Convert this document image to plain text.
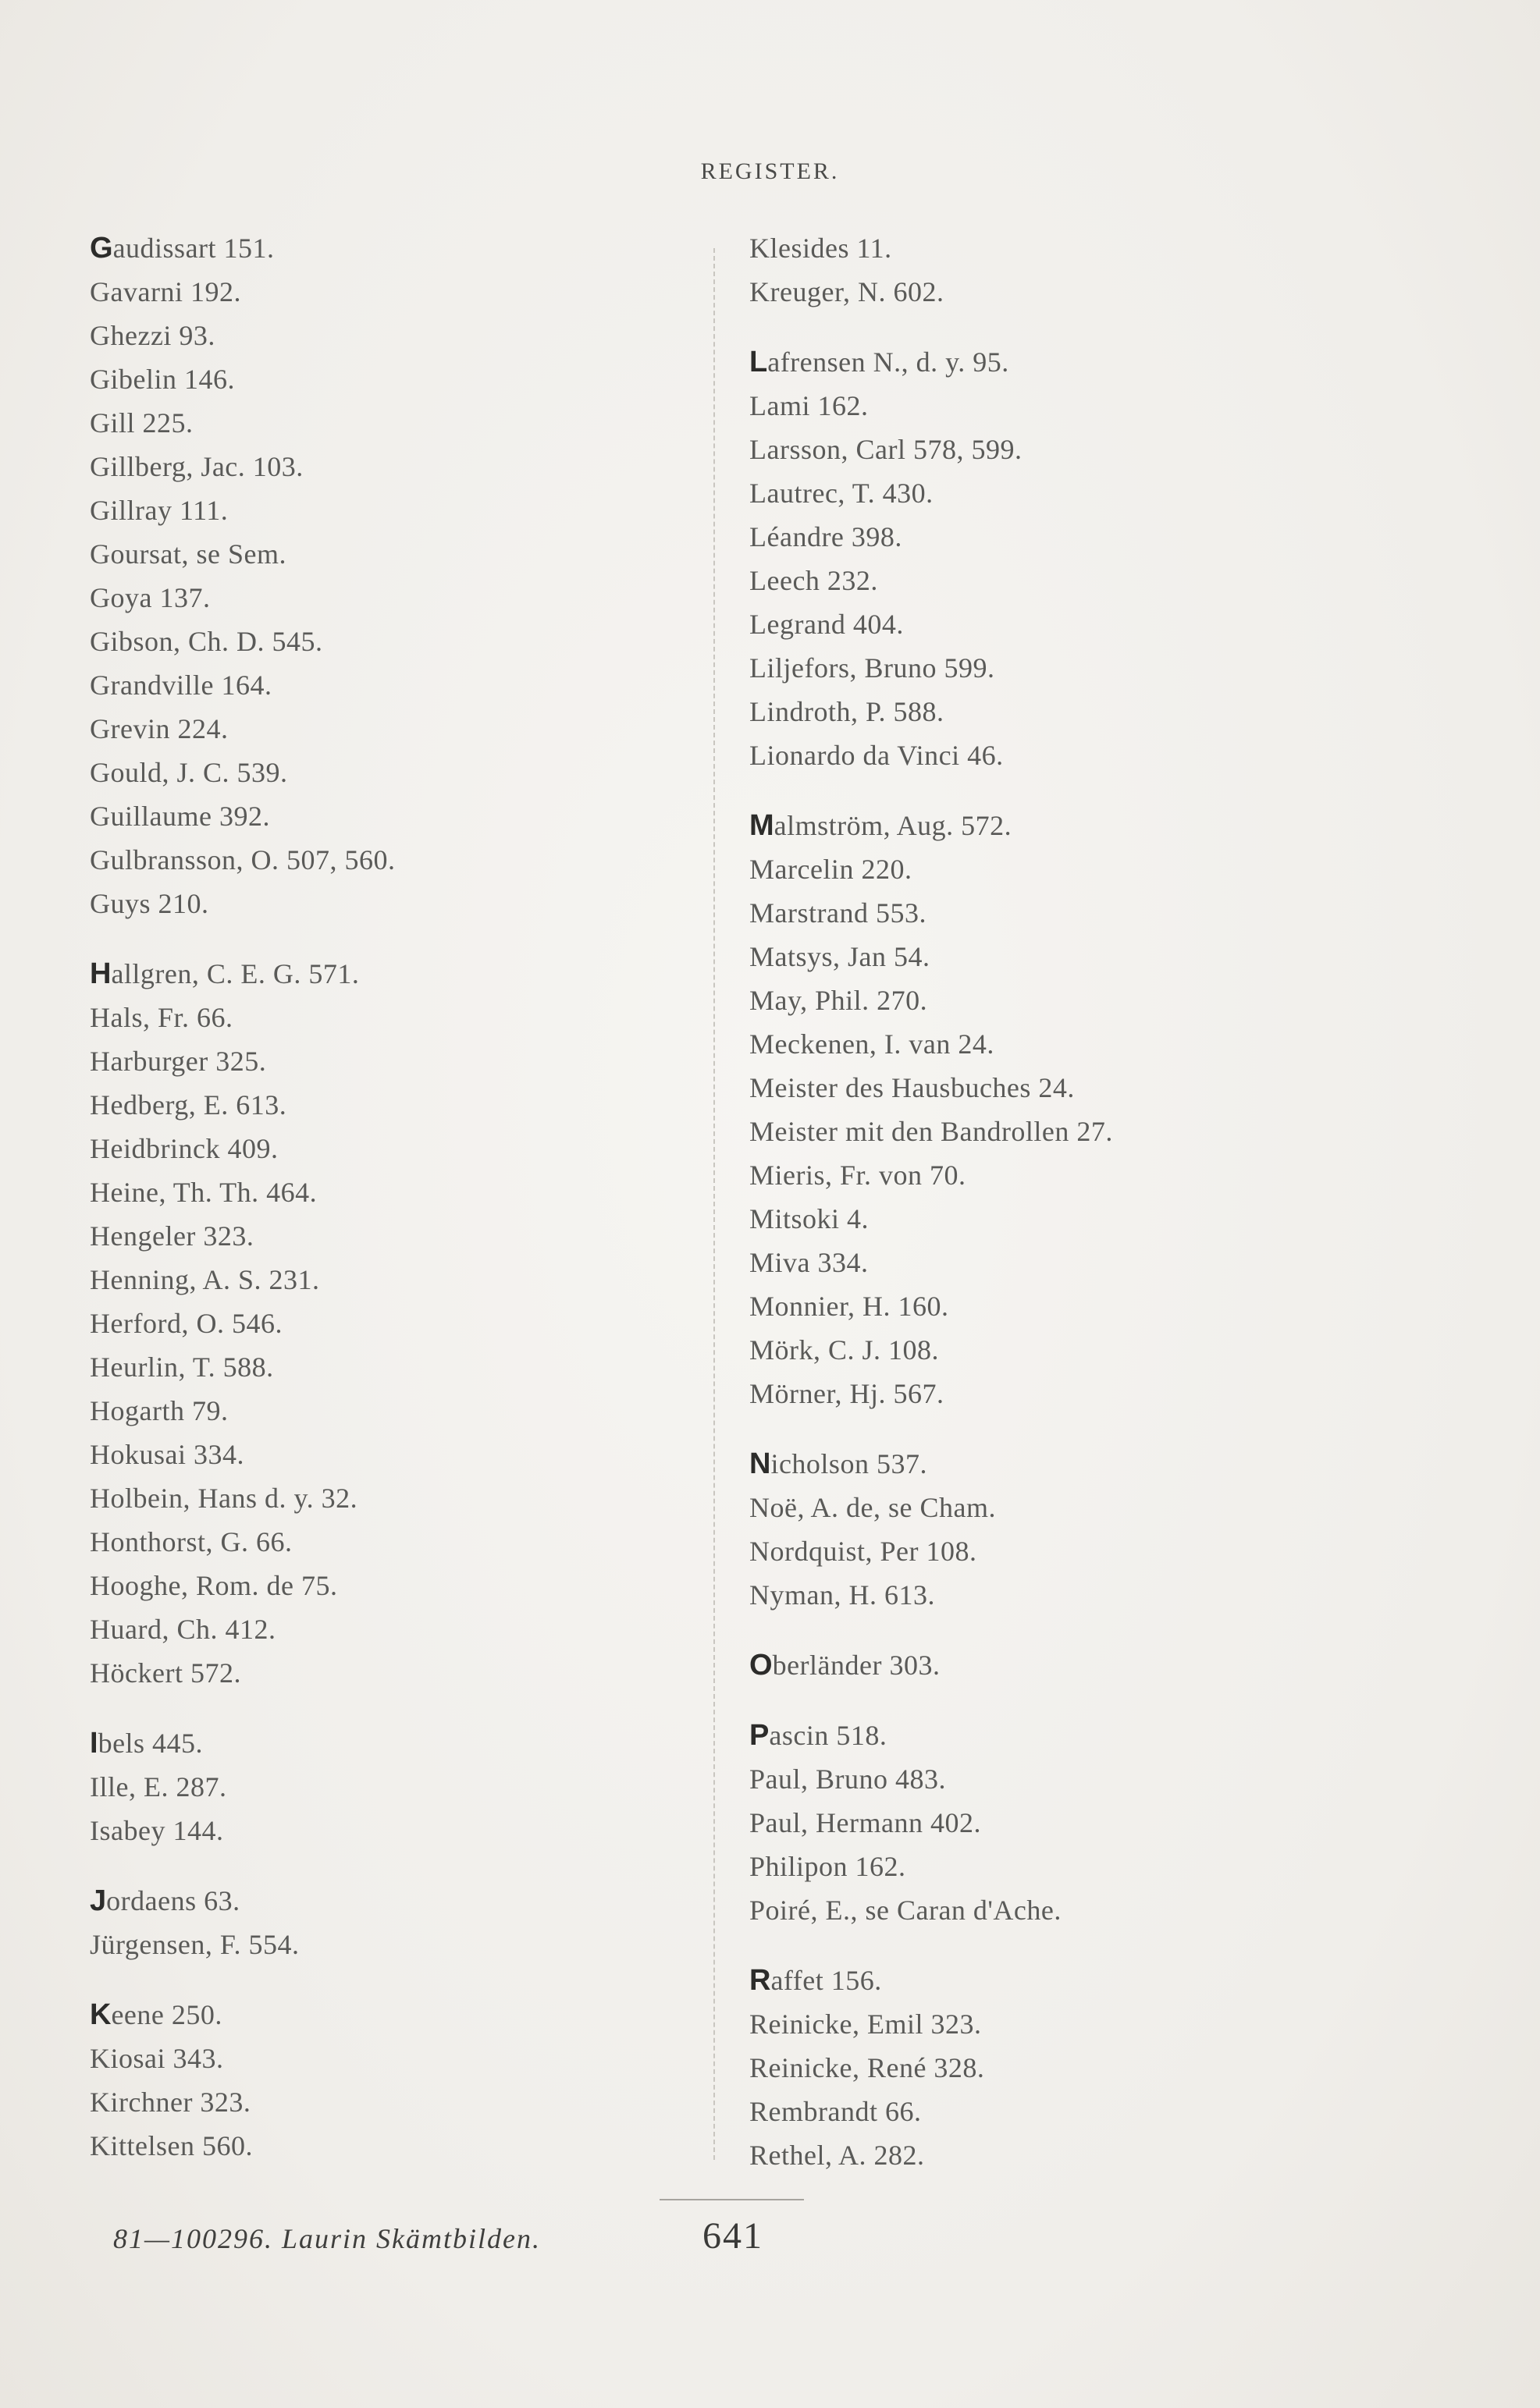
REGISTER.
Gaudissart 151.
Gavarni 192.
Ghezzi 93.
Gibelin 146.
Gill 225.
Gillberg, Jac. 103.
Gillray 111.
Goursat, se Sem.
Goya 137.
Gibson, Ch. D. 545.
Grandville 164.
Grevin 224.
Gould, J. C. 539.
Guillaume 392.
Gulbransson, O. 507, 560.
Guys 210.
Hallgren, C. E. G. 571.
Hals, Fr. 66.
Harburger 325.
Hedberg, E. 613.
Heidbrinck 409.
Heine, Th. Th. 464.
Hengeler 323.
Henning, A. S. 231.
Herford, O. 546.
Heurlin, T. 588.
Hogarth 79.
Hokusai 334.
Holbein, Hans d. y. 32.
Honthorst, G. 66.
Hooghe, Rom. de 75.
Huard, Ch. 412.
Höckert 572.
Ibels 445.
Ille, E. 287.
Isabey 144.
Jordaens 63.
Jürgensen, F. 554.
Keene 250.
Kiosai 343.
Kirchner 323.
Kittelsen 560.
Klesides 11.
Kreuger, N. 602.
Lafrensen N., d. y. 95.
Lami 162.
Larsson, Carl 578, 599.
Lautrec, T. 430.
Léandre 398.
Leech 232.
Legrand 404.
Liljefors, Bruno 599.
Lindroth, P. 588.
Lionardo da Vinci 46.
Malmström, Aug. 572.
Marcelin 220.
Marstrand 553.
Matsys, Jan 54.
May, Phil. 270.
Meckenen, I. van 24.
Meister des Hausbuches 24.
Meister mit den Bandrollen 27.
Mieris, Fr. von 70.
Mitsoki 4.
Miva 334.
Monnier, H. 160.
Mörk, C. J. 108.
Mörner, Hj. 567.
Nicholson 537.
Noë, A. de, se Cham.
Nordquist, Per 108.
Nyman, H. 613.
Oberländer 303.
Pascin 518.
Paul, Bruno 483.
Paul, Hermann 402.
Philipon 162.
Poiré, E., se Caran d'Ache.
Raffet 156.
Reinicke, Emil 323.
Reinicke, René 328.
Rembrandt 66.
Rethel, A. 282.
81—100296. Laurin Skämtbilden.	641
